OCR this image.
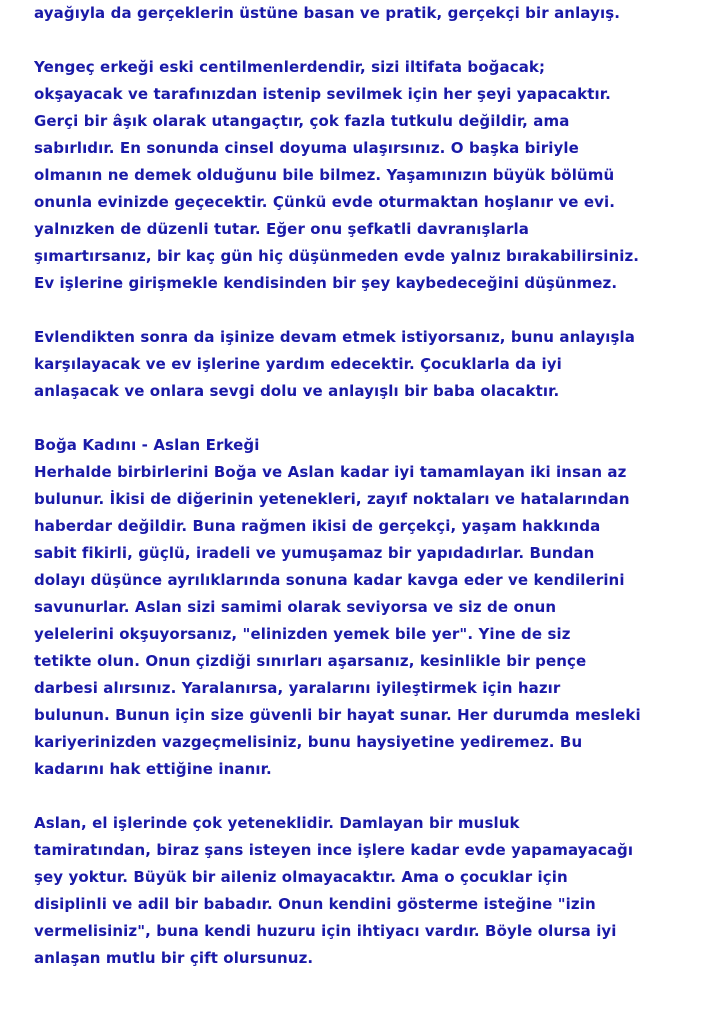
ayağıyla da gerçeklerin üstüne basan ve pratik, gerçekçi bir anlayış.
Yengeç erkeği eski centilmenlerdendir, sizi iltifata boğacak;
okşayacak ve tarafınızdan istenip sevilmek için her şeyi yapacaktır.
Gerçi bir âşık olarak utangaçtır, çok fazla tutkulu değildir, ama
sabırlıdır. En sonunda cinsel doyuma ulaşırsınız. O başka biriyle
olmanın ne demek olduğunu bile bilmez. Yaşamınızın büyük bölümü
onunla evinizde geçecektir. Çünkü evde oturmaktan hoşlanır ve evi.
yalnızken de düzenli tutar. Eğer onu şefkatli davranışlarla
şımartırsanız, bir kaç gün hiç düşünmeden evde yalnız bırakabilirsiniz.
Ev işlerine girişmekle kendisinden bir şey kaybedeceğini düşünmez.
Evlendikten sonra da işinize devam etmek istiyorsanız, bunu anlayışla
karşılayacak ve ev işlerine yardım edecektir. Çocuklarla da iyi
anlaşacak ve onlara sevgi dolu ve anlayışlı bir baba olacaktır.
Boğa Kadını - Aslan Erkeği
Herhalde birbirlerini Boğa ve Aslan kadar iyi tamamlayan iki insan az
bulunur. İkisi de diğerinin yetenekleri, zayıf noktaları ve hatalarından
haberdar değildir. Buna rağmen ikisi de gerçekçi, yaşam hakkında
sabit fikirli, güçlü, iradeli ve yumuşamaz bir yapıdadırlar. Bundan
dolayı düşünce ayrılıklarında sonuna kadar kavga eder ve kendilerini
savunurlar. Aslan sizi samimi olarak seviyorsa ve siz de onun
yelelerini okşuyorsanız, "elinizden yemek bile yer". Yine de siz
tetikte olun. Onun çizdiği sınırları aşarsanız, kesinlikle bir pençe
darbesi alırsınız. Yaralanırsa, yaralarını iyileştirmek için hazır
bulunun. Bunun için size güvenli bir hayat sunar. Her durumda mesleki
kariyerinizden vazgeçmelisiniz, bunu haysiyetine yediremez. Bu
kadarını hak ettiğine inanır.
Aslan, el işlerinde çok yeteneklidir. Damlayan bir musluk
tamiratından, biraz şans isteyen ince işlere kadar evde yapamayacağı
şey yoktur. Büyük bir aileniz olmayacaktır. Ama o çocuklar için
disiplinli ve adil bir babadır. Onun kendini gösterme isteğine "izin
vermelisiniz", buna kendi huzuru için ihtiyacı vardır. Böyle olursa iyi
anlaşan mutlu bir çift olursunuz.
